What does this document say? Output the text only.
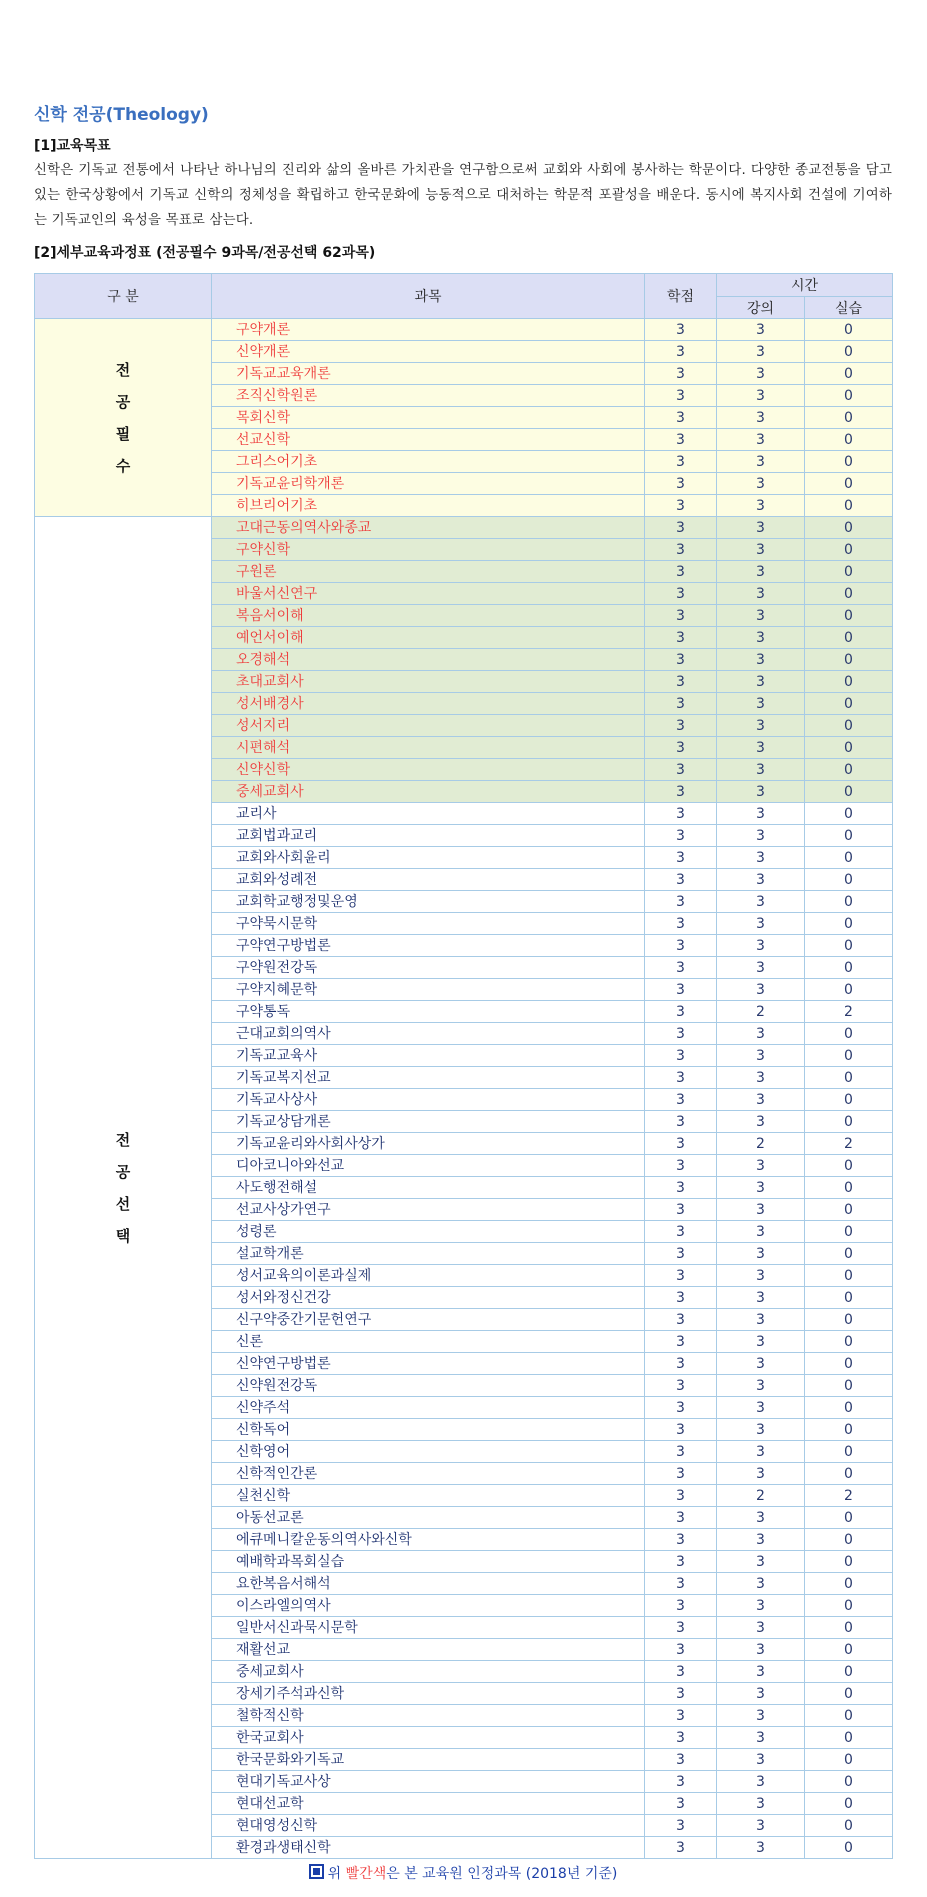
신학 전공(Theology)
[1]교육목표
신학은 기독교 전통에서 나타난 하나님의 진리와 삶의 올바른 가치관을 연구함으로써 교회와 사회에 봉사하는 학문이다. 다양한 종교전통을 담고 있는 한국상황에서 기독교 신학의 정체성을 확립하고 한국문화에 능동적으로 대처하는 학문적 포괄성을 배운다. 동시에 복지사회 건설에 기여하는 기독교인의 육성을 목표로 삼는다.
[2]세부교육과정표 (전공필수 9과목/전공선택 62과목)
구 분	과목	학점	시간	
			강의	실습

전
공
필
수	구약개론	3	3	0
	신약개론	3	3	0
	기독교교육개론	3	3	0
	조직신학원론	3	3	0
	목회신학	3	3	0
	선교신학	3	3	0
	그리스어기초	3	3	0
	기독교윤리학개론	3	3	0
	히브리어기초	3	3	0

전
공
선
택	고대근동의역사와종교	3	3	0
	구약신학	3	3	0
	구원론	3	3	0
	바울서신연구	3	3	0
	복음서이해	3	3	0
	예언서이해	3	3	0
	오경해석	3	3	0
	초대교회사	3	3	0
	성서배경사	3	3	0
	성서지리	3	3	0
	시편해석	3	3	0
	신약신학	3	3	0
	중세교회사	3	3	0
	교리사	3	3	0
	교회법과교리	3	3	0
	교회와사회윤리	3	3	0
	교회와성례전	3	3	0
	교회학교행정및운영	3	3	0
	구약묵시문학	3	3	0
	구약연구방법론	3	3	0
	구약원전강독	3	3	0
	구약지혜문학	3	3	0
	구약통독	3	2	2
	근대교회의역사	3	3	0
	기독교교육사	3	3	0
	기독교복지선교	3	3	0
	기독교사상사	3	3	0
	기독교상담개론	3	3	0
	기독교윤리와사회사상가	3	2	2
	디아코니아와선교	3	3	0
	사도행전해설	3	3	0
	선교사상가연구	3	3	0
	성령론	3	3	0
	설교학개론	3	3	0
	성서교육의이론과실제	3	3	0
	성서와정신건강	3	3	0
	신구약중간기문헌연구	3	3	0
	신론	3	3	0
	신약연구방법론	3	3	0
	신약원전강독	3	3	0
	신약주석	3	3	0
	신학독어	3	3	0
	신학영어	3	3	0
	신학적인간론	3	3	0
	실천신학	3	2	2
	아동선교론	3	3	0
	에큐메니칼운동의역사와신학	3	3	0
	예배학과목회실습	3	3	0
	요한복음서해석	3	3	0
	이스라엘의역사	3	3	0
	일반서신과묵시문학	3	3	0
	재활선교	3	3	0
	중세교회사	3	3	0
	장세기주석과신학	3	3	0
	철학적신학	3	3	0
	한국교회사	3	3	0
	한국문화와기독교	3	3	0
	현대기독교사상	3	3	0
	현대선교학	3	3	0
	현대영성신학	3	3	0
	환경과생태신학	3	3	0
위 빨간색은 본 교육원 인정과목 (2018년 기준)
